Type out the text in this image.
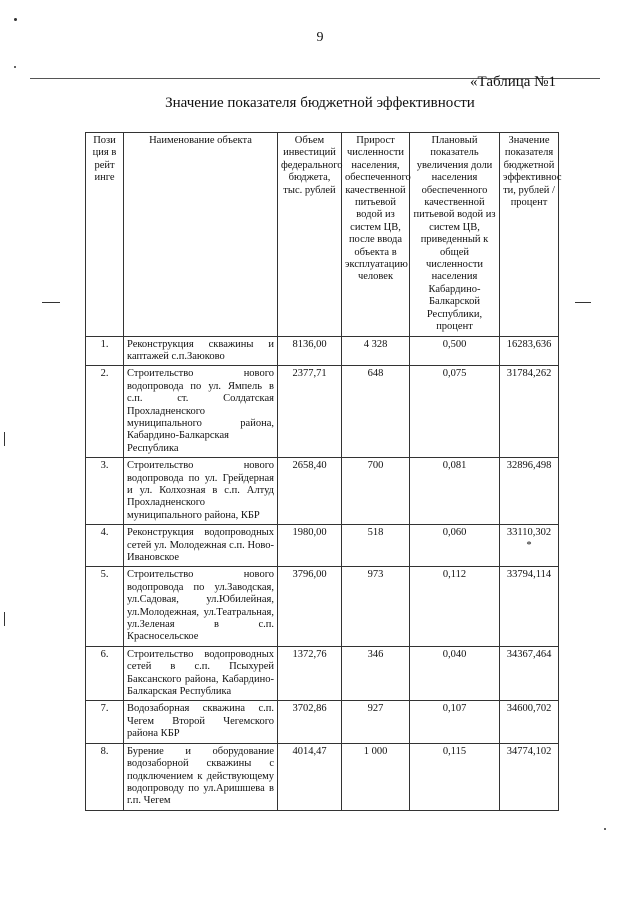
9
«Таблица №1
Значение показателя бюджетной эффективности
Пози ция в рейт инге	Наименование объекта	Объем инвестиций федерального бюджета, тыс. рублей	Прирост численности населения, обеспеченного качественной питьевой водой из систем ЦВ, после ввода объекта в эксплуатацию человек	Плановый показатель увеличения доли населения обеспеченного качественной питьевой водой из систем ЦВ, приведенный к общей численности населения Кабардино-Балкарской Республики, процент	Значение показателя бюджетной эффективнос ти, рублей /процент
1.	Реконструкция скважины и каптажей с.п.Заюково	8136,00	4 328	0,500	16283,636
2.	Строительство нового водопровода по ул. Ямпель в с.п. ст. Солдатская Прохладненского муниципального района, Кабардино-Балкарская Республика	2377,71	648	0,075	31784,262
3.	Строительство нового водопровода по ул. Грейдерная и ул. Колхозная в с.п. Алтуд Прохладненского муниципального района, КБР	2658,40	700	0,081	32896,498
4.	Реконструкция водопроводных сетей ул. Молодежная с.п. Ново-Ивановское	1980,00	518	0,060	33110,302 *
5.	Строительство нового водопровода по ул.Заводская, ул.Садовая, ул.Юбилейная, ул.Молодежная, ул.Театральная, ул.Зеленая в с.п. Красносельское	3796,00	973	0,112	33794,114
6.	Строительство водопроводных сетей в с.п. Псыхурей Баксанского района, Кабардино-Балкарская Республика	1372,76	346	0,040	34367,464
7.	Водозаборная скважина с.п. Чегем Второй Чегемского района КБР	3702,86	927	0,107	34600,702
8.	Бурение и оборудование водозаборной скважины с подключением к действующему водопроводу по ул.Аришшева в г.п. Чегем	4014,47	1 000	0,115	34774,102
